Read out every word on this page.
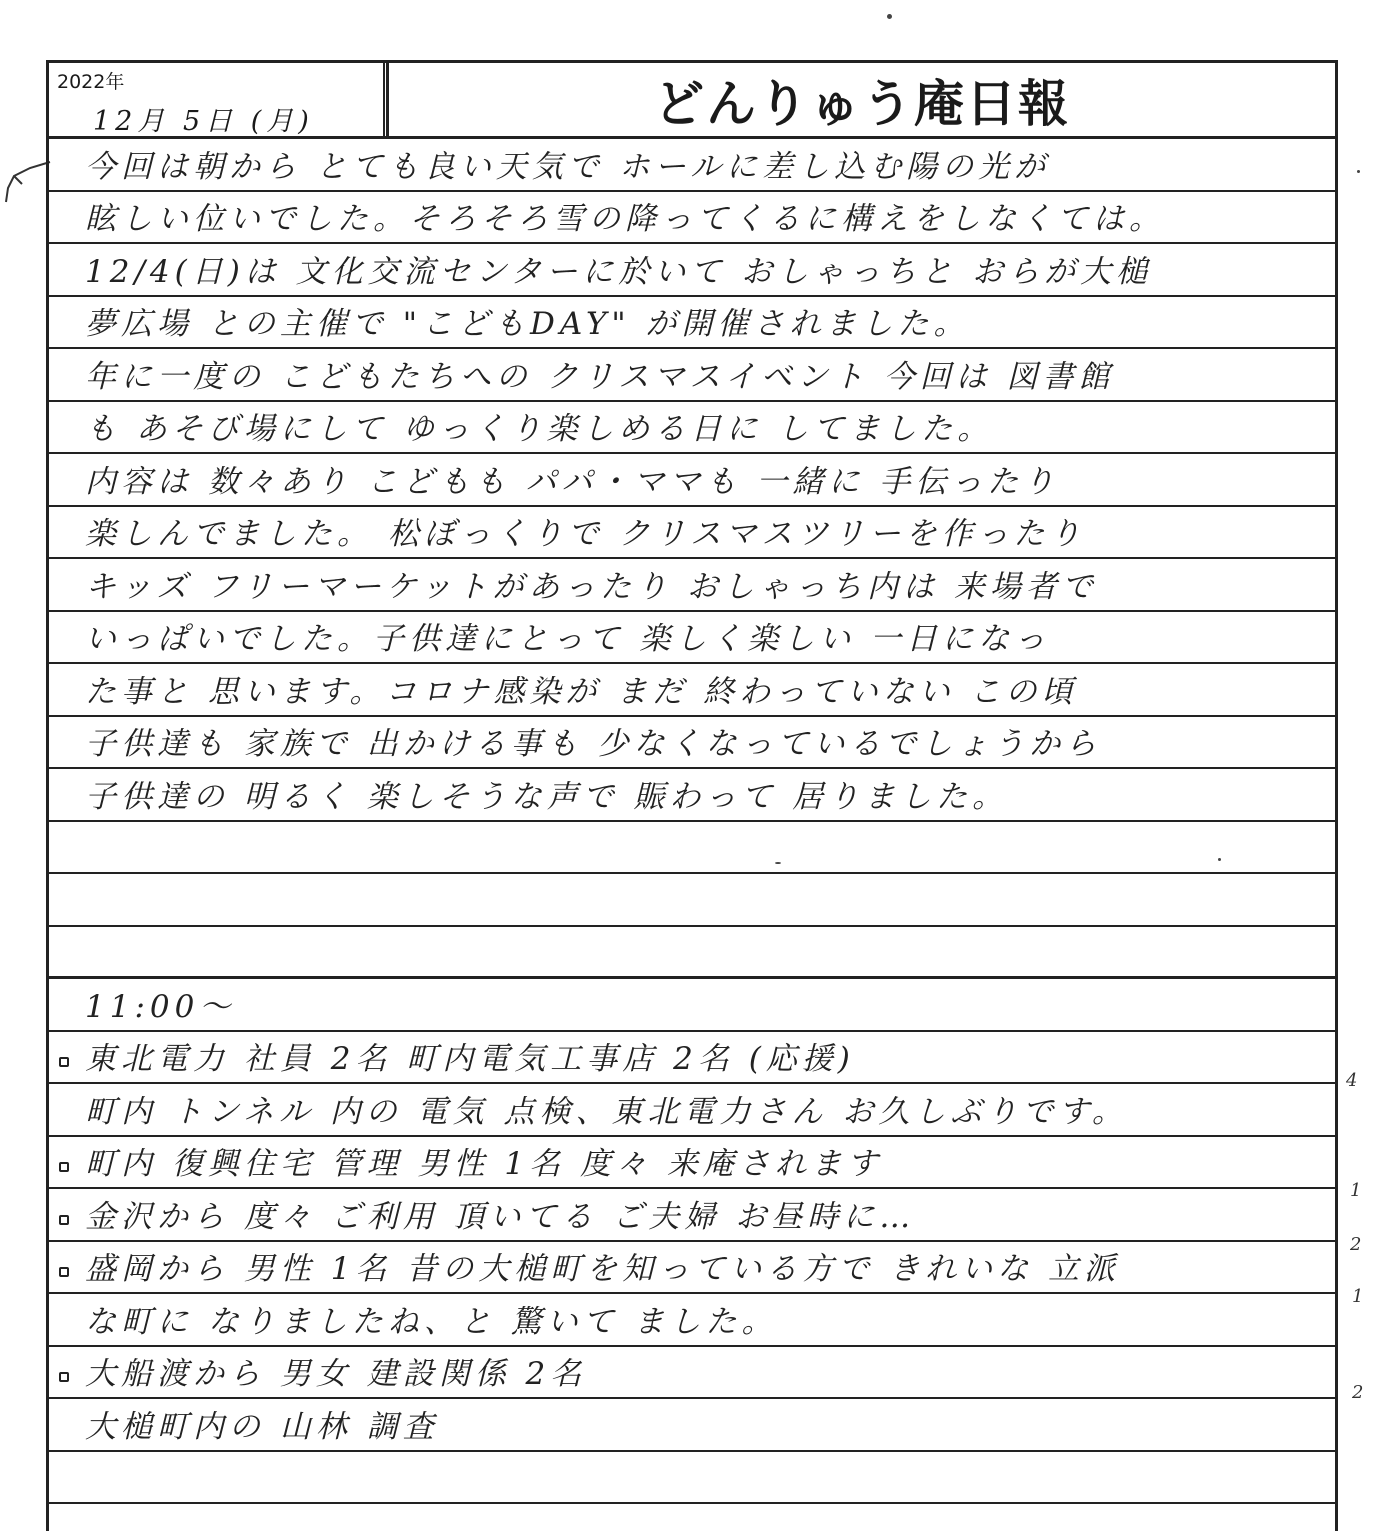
2022年
12月 5日 (月)	どんりゅう庵日報
今回は朝から とても良い天気で ホールに差し込む陽の光が
眩しい位いでした。そろそろ雪の降ってくるに構えをしなくては。
12/4(日)は 文化交流センターに於いて おしゃっちと おらが大槌
夢広場 との主催で "こどもDAY" が開催されました。
年に一度の こどもたちへの クリスマスイベント 今回は 図書館
も あそび場にして ゆっくり楽しめる日に してました。
内容は 数々あり こどもも パパ・ママも 一緒に 手伝ったり
楽しんでました。 松ぼっくりで クリスマスツリーを作ったり
キッズ フリーマーケットがあったり おしゃっち内は 来場者で
いっぱいでした。子供達にとって 楽しく楽しい 一日になっ
た事と 思います。コロナ感染が まだ 終わっていない この頃
子供達も 家族で 出かける事も 少なくなっているでしょうから
子供達の 明るく 楽しそうな声で 賑わって 居りました。
11:00〜
東北電力 社員 2名 町内電気工事店 2名 (応援)
町内 トンネル 内の 電気 点検、東北電力さん お久しぶりです。
町内 復興住宅 管理 男性 1名 度々 来庵されます
金沢から 度々 ご利用 頂いてる ご夫婦 お昼時に…
盛岡から 男性 1名 昔の大槌町を知っている方で きれいな 立派
な町に なりましたね、と 驚いて ました。
大船渡から 男女 建設関係 2名
大槌町内の 山林 調査
4
1
2
1
2
